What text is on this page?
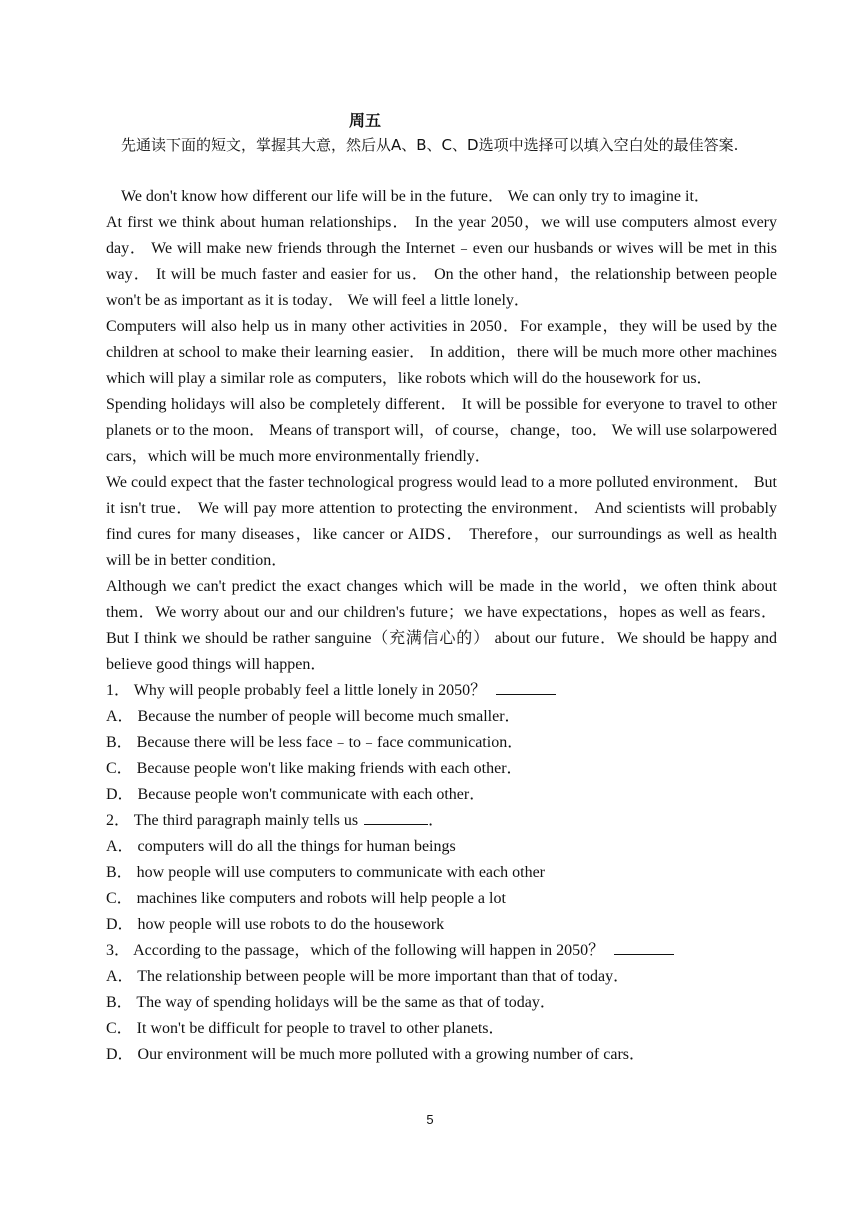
周五
先通读下面的短文，掌握其大意，然后从A、B、C、D选项中选择可以填入空白处的最佳答案.

We don't know how different our life will be in the future． We can only try to imagine it．

At first we think about human relationships． In the year 2050，we will use computers almost every day． We will make new friends through the Internet﹣even our husbands or wives will be met in this way． It will be much faster and easier for us． On the other hand，the relationship between people won't be as important as it is today． We will feel a little lonely．

Computers will also help us in many other activities in 2050．For example，they will be used by the children at school to make their learning easier． In addition，there will be much more other machines which will play a similar role as computers，like robots which will do the housework for us．

Spending holidays will also be completely different． It will be possible for everyone to travel to other planets or to the moon． Means of transport will，of course，change，too． We will use solarpowered cars，which will be much more environmentally friendly．

We could expect that the faster technological progress would lead to a more polluted environment． But it isn't true． We will pay more attention to protecting the environment． And scientists will probably find cures for many diseases，like cancer or AIDS． Therefore，our surroundings as well as health will be in better condition．

Although we can't predict the exact changes which will be made in the world，we often think about them．We worry about our and our children's future；we have expectations，hopes as well as fears．But I think we should be rather sanguine（充满信心的） about our future．We should be happy and believe good things will happen．

1． Why will people probably feel a little lonely in 2050？

A． Because the number of people will become much smaller．

B． Because there will be less face﹣to﹣face communication．

C． Because people won't like making friends with each other．

D． Because people won't communicate with each other．

2． The third paragraph mainly tells us	．

A． computers will do all the things for human beings

B． how people will use computers to communicate with each other

C． machines like computers and robots will help people a lot

D． how people will use robots to do the housework

3． According to the passage，which of the following will happen in 2050？

A． The relationship between people will be more important than that of today．

B． The way of spending holidays will be the same as that of today．

C． It won't be difficult for people to travel to other planets．

D． Our environment will be much more polluted with a growing number of cars．

5
